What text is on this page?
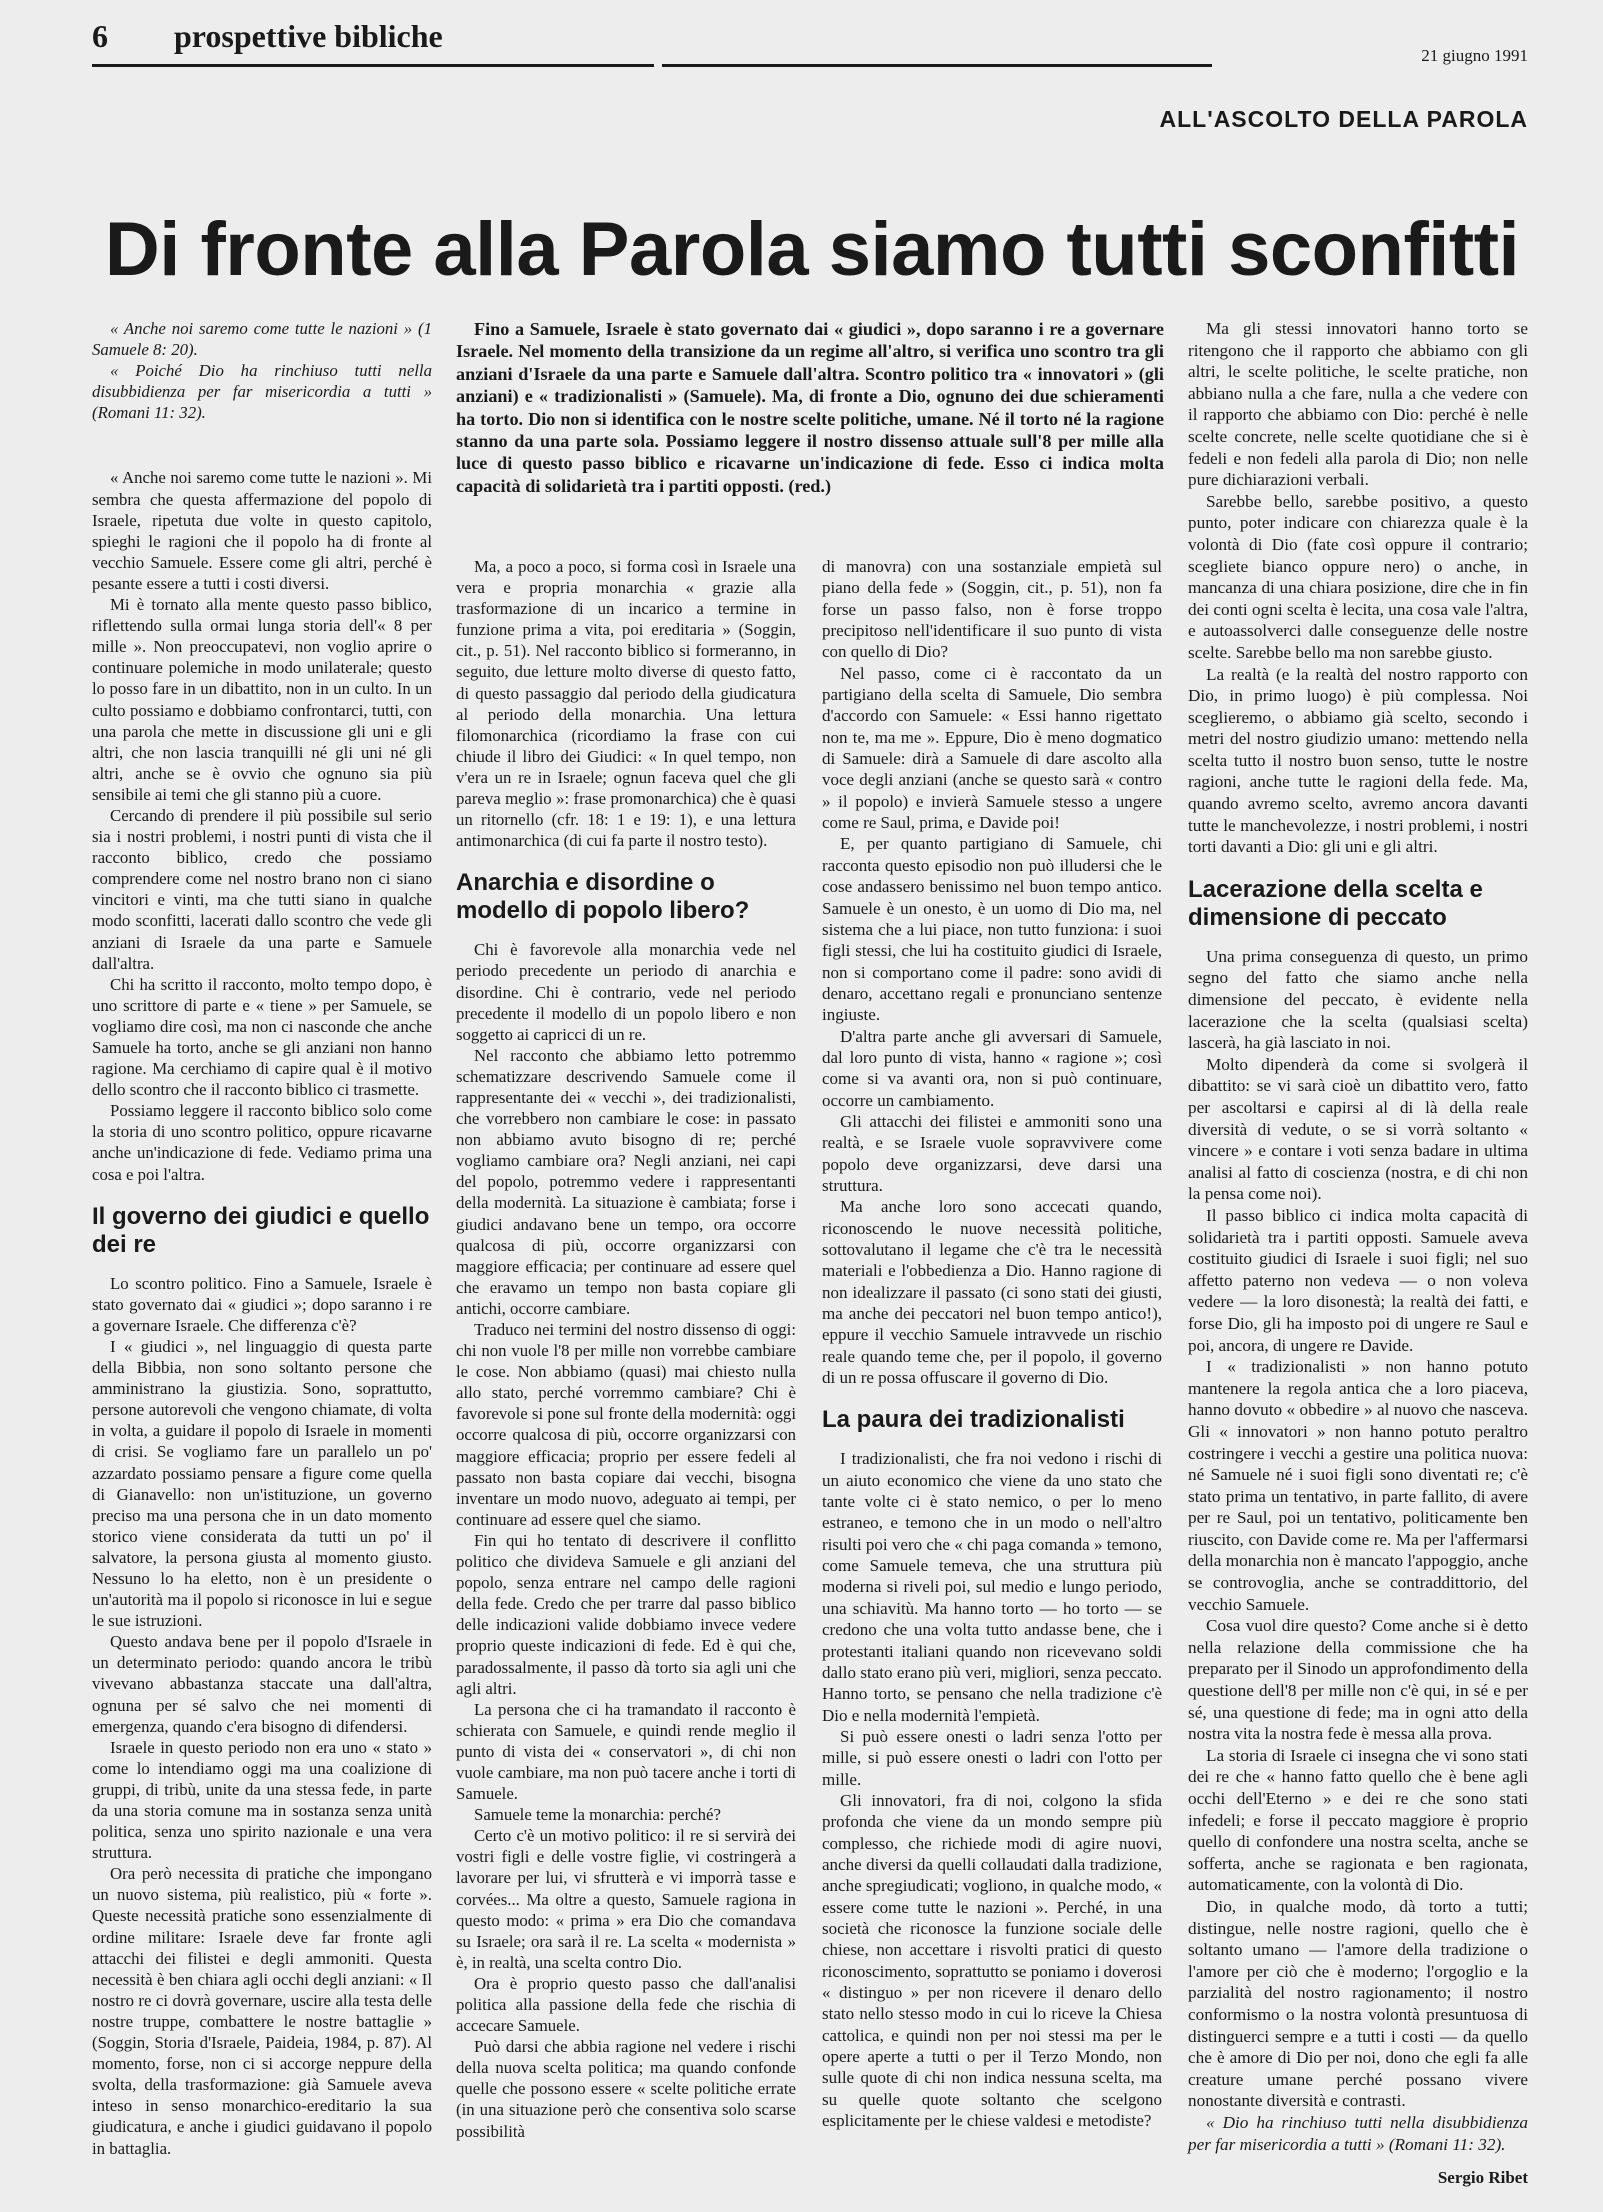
6 prospettive bibliche
21 giugno 1991
ALL'ASCOLTO DELLA PAROLA
Di fronte alla Parola siamo tutti sconfitti

« Anche noi saremo come tutte le nazioni » (1 Samuele 8: 20).

« Poiché Dio ha rinchiuso tutti nella disubbidienza per far misericordia a tutti » (Romani 11: 32).

« Anche noi saremo come tutte le nazioni ». Mi sembra che questa affermazione del popolo di Israele, ripetuta due volte in questo capitolo, spieghi le ragioni che il popolo ha di fronte al vecchio Samuele. Essere come gli altri, perché è pesante essere a tutti i costi diversi.

Mi è tornato alla mente questo passo biblico, riflettendo sulla ormai lunga storia dell'« 8 per mille ». Non preoccupatevi, non voglio aprire o continuare polemiche in modo unilaterale; questo lo posso fare in un dibattito, non in un culto. In un culto possiamo e dobbiamo confrontarci, tutti, con una parola che mette in discussione gli uni e gli altri, che non lascia tranquilli né gli uni né gli altri, anche se è ovvio che ognuno sia più sensibile ai temi che gli stanno più a cuore.

Cercando di prendere il più possibile sul serio sia i nostri problemi, i nostri punti di vista che il racconto biblico, credo che possiamo comprendere come nel nostro brano non ci siano vincitori e vinti, ma che tutti siano in qualche modo sconfitti, lacerati dallo scontro che vede gli anziani di Israele da una parte e Samuele dall'altra.

Chi ha scritto il racconto, molto tempo dopo, è uno scrittore di parte e « tiene » per Samuele, se vogliamo dire così, ma non ci nasconde che anche Samuele ha torto, anche se gli anziani non hanno ragione. Ma cerchiamo di capire qual è il motivo dello scontro che il racconto biblico ci trasmette.

Possiamo leggere il racconto biblico solo come la storia di uno scontro politico, oppure ricavarne anche un'indicazione di fede. Vediamo prima una cosa e poi l'altra.

Il governo dei giudici e quello dei re

Lo scontro politico. Fino a Samuele, Israele è stato governato dai « giudici »; dopo saranno i re a governare Israele. Che differenza c'è?

I « giudici », nel linguaggio di questa parte della Bibbia, non sono soltanto persone che amministrano la giustizia. Sono, soprattutto, persone autorevoli che vengono chiamate, di volta in volta, a guidare il popolo di Israele in momenti di crisi. Se vogliamo fare un parallelo un po' azzardato possiamo pensare a figure come quella di Gianavello: non un'istituzione, un governo preciso ma una persona che in un dato momento storico viene considerata da tutti un po' il salvatore, la persona giusta al momento giusto. Nessuno lo ha eletto, non è un presidente o un'autorità ma il popolo si riconosce in lui e segue le sue istruzioni.

Questo andava bene per il popolo d'Israele in un determinato periodo: quando ancora le tribù vivevano abbastanza staccate una dall'altra, ognuna per sé salvo che nei momenti di emergenza, quando c'era bisogno di difendersi.

Israele in questo periodo non era uno « stato » come lo intendiamo oggi ma una coalizione di gruppi, di tribù, unite da una stessa fede, in parte da una storia comune ma in sostanza senza unità politica, senza uno spirito nazionale e una vera struttura.

Ora però necessita di pratiche che impongano un nuovo sistema, più realistico, più « forte ». Queste necessità pratiche sono essenzialmente di ordine militare: Israele deve far fronte agli attacchi dei filistei e degli ammoniti. Questa necessità è ben chiara agli occhi degli anziani: « Il nostro re ci dovrà governare, uscire alla testa delle nostre truppe, combattere le nostre battaglie » (Soggin, Storia d'Israele, Paideia, 1984, p. 87). Al momento, forse, non ci si accorge neppure della svolta, della trasformazione: già Samuele aveva inteso in senso monarchico-ereditario la sua giudicatura, e anche i giudici guidavano il popolo in battaglia.

Fino a Samuele, Israele è stato governato dai « giudici », dopo saranno i re a governare Israele. Nel momento della transizione da un regime all'altro, si verifica uno scontro tra gli anziani d'Israele da una parte e Samuele dall'altra. Scontro politico tra « innovatori » (gli anziani) e « tradizionalisti » (Samuele). Ma, di fronte a Dio, ognuno dei due schieramenti ha torto. Dio non si identifica con le nostre scelte politiche, umane. Né il torto né la ragione stanno da una parte sola. Possiamo leggere il nostro dissenso attuale sull'8 per mille alla luce di questo passo biblico e ricavarne un'indicazione di fede. Esso ci indica molta capacità di solidarietà tra i partiti opposti. (red.)

Ma, a poco a poco, si forma così in Israele una vera e propria monarchia « grazie alla trasformazione di un incarico a termine in funzione prima a vita, poi ereditaria » (Soggin, cit., p. 51). Nel racconto biblico si formeranno, in seguito, due letture molto diverse di questo fatto, di questo passaggio dal periodo della giudicatura al periodo della monarchia. Una lettura filomonarchica (ricordiamo la frase con cui chiude il libro dei Giudici: « In quel tempo, non v'era un re in Israele; ognun faceva quel che gli pareva meglio »: frase promonarchica) che è quasi un ritornello (cfr. 18: 1 e 19: 1), e una lettura antimonarchica (di cui fa parte il nostro testo).

Anarchia e disordine o modello di popolo libero?

Chi è favorevole alla monarchia vede nel periodo precedente un periodo di anarchia e disordine. Chi è contrario, vede nel periodo precedente il modello di un popolo libero e non soggetto ai capricci di un re.

Nel racconto che abbiamo letto potremmo schematizzare descrivendo Samuele come il rappresentante dei « vecchi », dei tradizionalisti, che vorrebbero non cambiare le cose: in passato non abbiamo avuto bisogno di re; perché vogliamo cambiare ora? Negli anziani, nei capi del popolo, potremmo vedere i rappresentanti della modernità. La situazione è cambiata; forse i giudici andavano bene un tempo, ora occorre qualcosa di più, occorre organizzarsi con maggiore efficacia; per continuare ad essere quel che eravamo un tempo non basta copiare gli antichi, occorre cambiare.

Traduco nei termini del nostro dissenso di oggi: chi non vuole l'8 per mille non vorrebbe cambiare le cose. Non abbiamo (quasi) mai chiesto nulla allo stato, perché vorremmo cambiare? Chi è favorevole si pone sul fronte della modernità: oggi occorre qualcosa di più, occorre organizzarsi con maggiore efficacia; proprio per essere fedeli al passato non basta copiare dai vecchi, bisogna inventare un modo nuovo, adeguato ai tempi, per continuare ad essere quel che siamo.

Fin qui ho tentato di descrivere il conflitto politico che divideva Samuele e gli anziani del popolo, senza entrare nel campo delle ragioni della fede. Credo che per trarre dal passo biblico delle indicazioni valide dobbiamo invece vedere proprio queste indicazioni di fede. Ed è qui che, paradossalmente, il passo dà torto sia agli uni che agli altri.

La persona che ci ha tramandato il racconto è schierata con Samuele, e quindi rende meglio il punto di vista dei « conservatori », di chi non vuole cambiare, ma non può tacere anche i torti di Samuele.

Samuele teme la monarchia: perché?

Certo c'è un motivo politico: il re si servirà dei vostri figli e delle vostre figlie, vi costringerà a lavorare per lui, vi sfrutterà e vi imporrà tasse e corvées... Ma oltre a questo, Samuele ragiona in questo modo: « prima » era Dio che comandava su Israele; ora sarà il re. La scelta « modernista » è, in realtà, una scelta contro Dio.

Ora è proprio questo passo che dall'analisi politica alla passione della fede che rischia di accecare Samuele.

Può darsi che abbia ragione nel vedere i rischi della nuova scelta politica; ma quando confonde quelle che possono essere « scelte politiche errate (in una situazione però che consentiva solo scarse possibilità

di manovra) con una sostanziale empietà sul piano della fede » (Soggin, cit., p. 51), non fa forse un passo falso, non è forse troppo precipitoso nell'identificare il suo punto di vista con quello di Dio?

Nel passo, come ci è raccontato da un partigiano della scelta di Samuele, Dio sembra d'accordo con Samuele: « Essi hanno rigettato non te, ma me ». Eppure, Dio è meno dogmatico di Samuele: dirà a Samuele di dare ascolto alla voce degli anziani (anche se questo sarà « contro » il popolo) e invierà Samuele stesso a ungere come re Saul, prima, e Davide poi!

E, per quanto partigiano di Samuele, chi racconta questo episodio non può illudersi che le cose andassero benissimo nel buon tempo antico. Samuele è un onesto, è un uomo di Dio ma, nel sistema che a lui piace, non tutto funziona: i suoi figli stessi, che lui ha costituito giudici di Israele, non si comportano come il padre: sono avidi di denaro, accettano regali e pronunciano sentenze ingiuste.

D'altra parte anche gli avversari di Samuele, dal loro punto di vista, hanno « ragione »; così come si va avanti ora, non si può continuare, occorre un cambiamento.

Gli attacchi dei filistei e ammoniti sono una realtà, e se Israele vuole sopravvivere come popolo deve organizzarsi, deve darsi una struttura.

Ma anche loro sono accecati quando, riconoscendo le nuove necessità politiche, sottovalutano il legame che c'è tra le necessità materiali e l'obbedienza a Dio. Hanno ragione di non idealizzare il passato (ci sono stati dei giusti, ma anche dei peccatori nel buon tempo antico!), eppure il vecchio Samuele intravvede un rischio reale quando teme che, per il popolo, il governo di un re possa offuscare il governo di Dio.

La paura dei tradizionalisti

I tradizionalisti, che fra noi vedono i rischi di un aiuto economico che viene da uno stato che tante volte ci è stato nemico, o per lo meno estraneo, e temono che in un modo o nell'altro risulti poi vero che « chi paga comanda » temono, come Samuele temeva, che una struttura più moderna si riveli poi, sul medio e lungo periodo, una schiavitù. Ma hanno torto — ho torto — se credono che una volta tutto andasse bene, che i protestanti italiani quando non ricevevano soldi dallo stato erano più veri, migliori, senza peccato. Hanno torto, se pensano che nella tradizione c'è Dio e nella modernità l'empietà.

Si può essere onesti o ladri senza l'otto per mille, si può essere onesti o ladri con l'otto per mille.

Gli innovatori, fra di noi, colgono la sfida profonda che viene da un mondo sempre più complesso, che richiede modi di agire nuovi, anche diversi da quelli collaudati dalla tradizione, anche spregiudicati; vogliono, in qualche modo, « essere come tutte le nazioni ». Perché, in una società che riconosce la funzione sociale delle chiese, non accettare i risvolti pratici di questo riconoscimento, soprattutto se poniamo i doverosi « distinguo » per non ricevere il denaro dello stato nello stesso modo in cui lo riceve la Chiesa cattolica, e quindi non per noi stessi ma per le opere aperte a tutti o per il Terzo Mondo, non sulle quote di chi non indica nessuna scelta, ma su quelle quote soltanto che scelgono esplicitamente per le chiese valdesi e metodiste?

Ma gli stessi innovatori hanno torto se ritengono che il rapporto che abbiamo con gli altri, le scelte politiche, le scelte pratiche, non abbiano nulla a che fare, nulla a che vedere con il rapporto che abbiamo con Dio: perché è nelle scelte concrete, nelle scelte quotidiane che si è fedeli e non fedeli alla parola di Dio; non nelle pure dichiarazioni verbali.

Sarebbe bello, sarebbe positivo, a questo punto, poter indicare con chiarezza quale è la volontà di Dio (fate così oppure il contrario; scegliete bianco oppure nero) o anche, in mancanza di una chiara posizione, dire che in fin dei conti ogni scelta è lecita, una cosa vale l'altra, e autoassolverci dalle conseguenze delle nostre scelte. Sarebbe bello ma non sarebbe giusto.

La realtà (e la realtà del nostro rapporto con Dio, in primo luogo) è più complessa. Noi sceglieremo, o abbiamo già scelto, secondo i metri del nostro giudizio umano: mettendo nella scelta tutto il nostro buon senso, tutte le nostre ragioni, anche tutte le ragioni della fede. Ma, quando avremo scelto, avremo ancora davanti tutte le manchevolezze, i nostri problemi, i nostri torti davanti a Dio: gli uni e gli altri.

Lacerazione della scelta e dimensione di peccato

Una prima conseguenza di questo, un primo segno del fatto che siamo anche nella dimensione del peccato, è evidente nella lacerazione che la scelta (qualsiasi scelta) lascerà, ha già lasciato in noi.

Molto dipenderà da come si svolgerà il dibattito: se vi sarà cioè un dibattito vero, fatto per ascoltarsi e capirsi al di là della reale diversità di vedute, o se si vorrà soltanto « vincere » e contare i voti senza badare in ultima analisi al fatto di coscienza (nostra, e di chi non la pensa come noi).

Il passo biblico ci indica molta capacità di solidarietà tra i partiti opposti. Samuele aveva costituito giudici di Israele i suoi figli; nel suo affetto paterno non vedeva — o non voleva vedere — la loro disonestà; la realtà dei fatti, e forse Dio, gli ha imposto poi di ungere re Saul e poi, ancora, di ungere re Davide.

I « tradizionalisti » non hanno potuto mantenere la regola antica che a loro piaceva, hanno dovuto « obbedire » al nuovo che nasceva. Gli « innovatori » non hanno potuto peraltro costringere i vecchi a gestire una politica nuova: né Samuele né i suoi figli sono diventati re; c'è stato prima un tentativo, in parte fallito, di avere per re Saul, poi un tentativo, politicamente ben riuscito, con Davide come re. Ma per l'affermarsi della monarchia non è mancato l'appoggio, anche se controvoglia, anche se contraddittorio, del vecchio Samuele.

Cosa vuol dire questo? Come anche si è detto nella relazione della commissione che ha preparato per il Sinodo un approfondimento della questione dell'8 per mille non c'è qui, in sé e per sé, una questione di fede; ma in ogni atto della nostra vita la nostra fede è messa alla prova.

La storia di Israele ci insegna che vi sono stati dei re che « hanno fatto quello che è bene agli occhi dell'Eterno » e dei re che sono stati infedeli; e forse il peccato maggiore è proprio quello di confondere una nostra scelta, anche se sofferta, anche se ragionata e ben ragionata, automaticamente, con la volontà di Dio.

Dio, in qualche modo, dà torto a tutti; distingue, nelle nostre ragioni, quello che è soltanto umano — l'amore della tradizione o l'amore per ciò che è moderno; l'orgoglio e la parzialità del nostro ragionamento; il nostro conformismo o la nostra volontà presuntuosa di distinguerci sempre e a tutti i costi — da quello che è amore di Dio per noi, dono che egli fa alle creature umane perché possano vivere nonostante diversità e contrasti.

« Dio ha rinchiuso tutti nella disubbidienza per far misericordia a tutti » (Romani 11: 32).

Sergio Ribet
